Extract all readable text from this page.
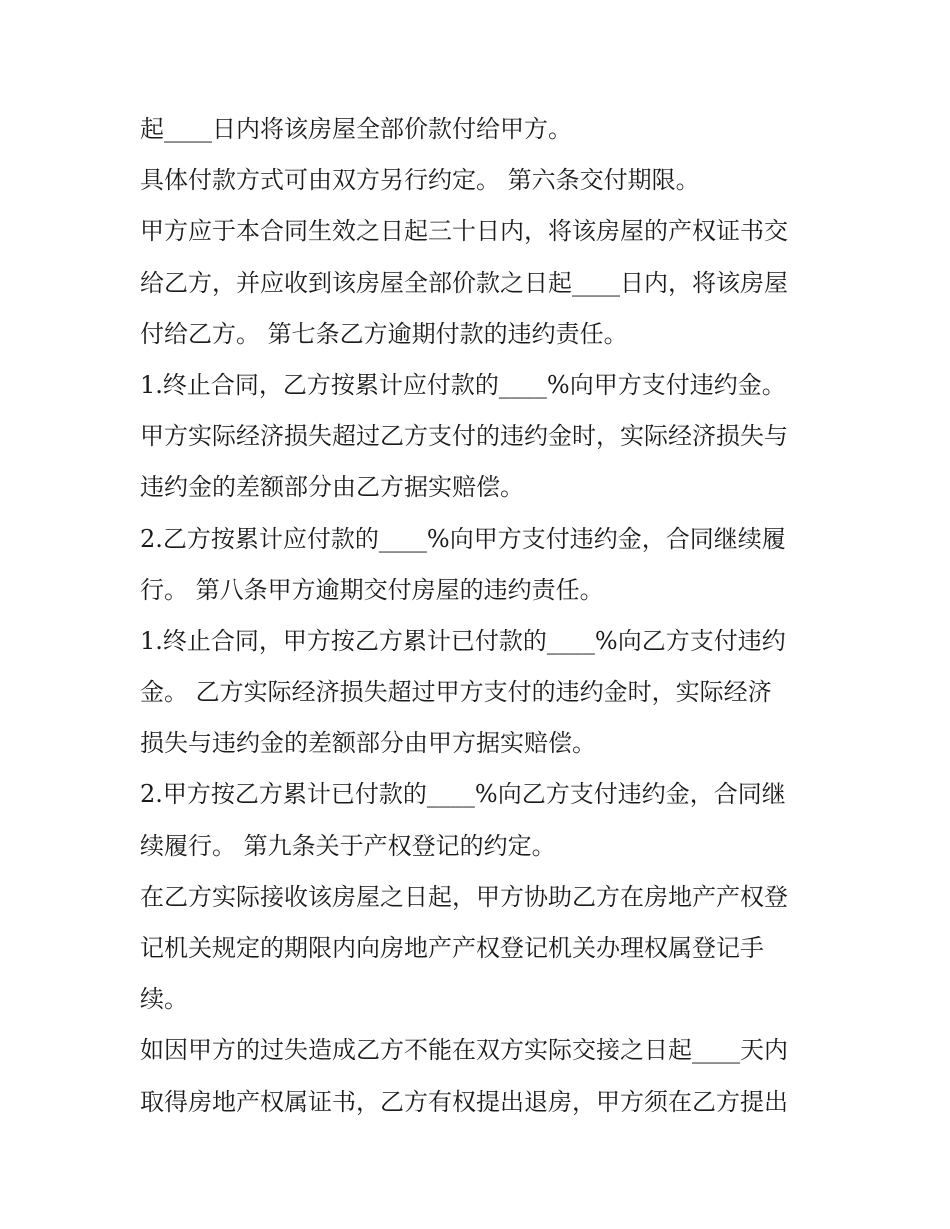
起____日内将该房屋全部价款付给甲方。

具体付款方式可由双方另行约定。 第六条交付期限。

甲方应于本合同生效之日起三十日内，将该房屋的产权证书交

给乙方，并应收到该房屋全部价款之日起____日内，将该房屋

付给乙方。 第七条乙方逾期付款的违约责任。

1.终止合同，乙方按累计应付款的____%向甲方支付违约金。

甲方实际经济损失超过乙方支付的违约金时，实际经济损失与

违约金的差额部分由乙方据实赔偿。

2.乙方按累计应付款的____%向甲方支付违约金，合同继续履

行。 第八条甲方逾期交付房屋的违约责任。

1.终止合同，甲方按乙方累计已付款的____%向乙方支付违约

金。 乙方实际经济损失超过甲方支付的违约金时，实际经济

损失与违约金的差额部分由甲方据实赔偿。

2.甲方按乙方累计已付款的____%向乙方支付违约金，合同继

续履行。 第九条关于产权登记的约定。

在乙方实际接收该房屋之日起，甲方协助乙方在房地产产权登

记机关规定的期限内向房地产产权登记机关办理权属登记手

续。

如因甲方的过失造成乙方不能在双方实际交接之日起____天内

取得房地产权属证书，乙方有权提出退房，甲方须在乙方提出
